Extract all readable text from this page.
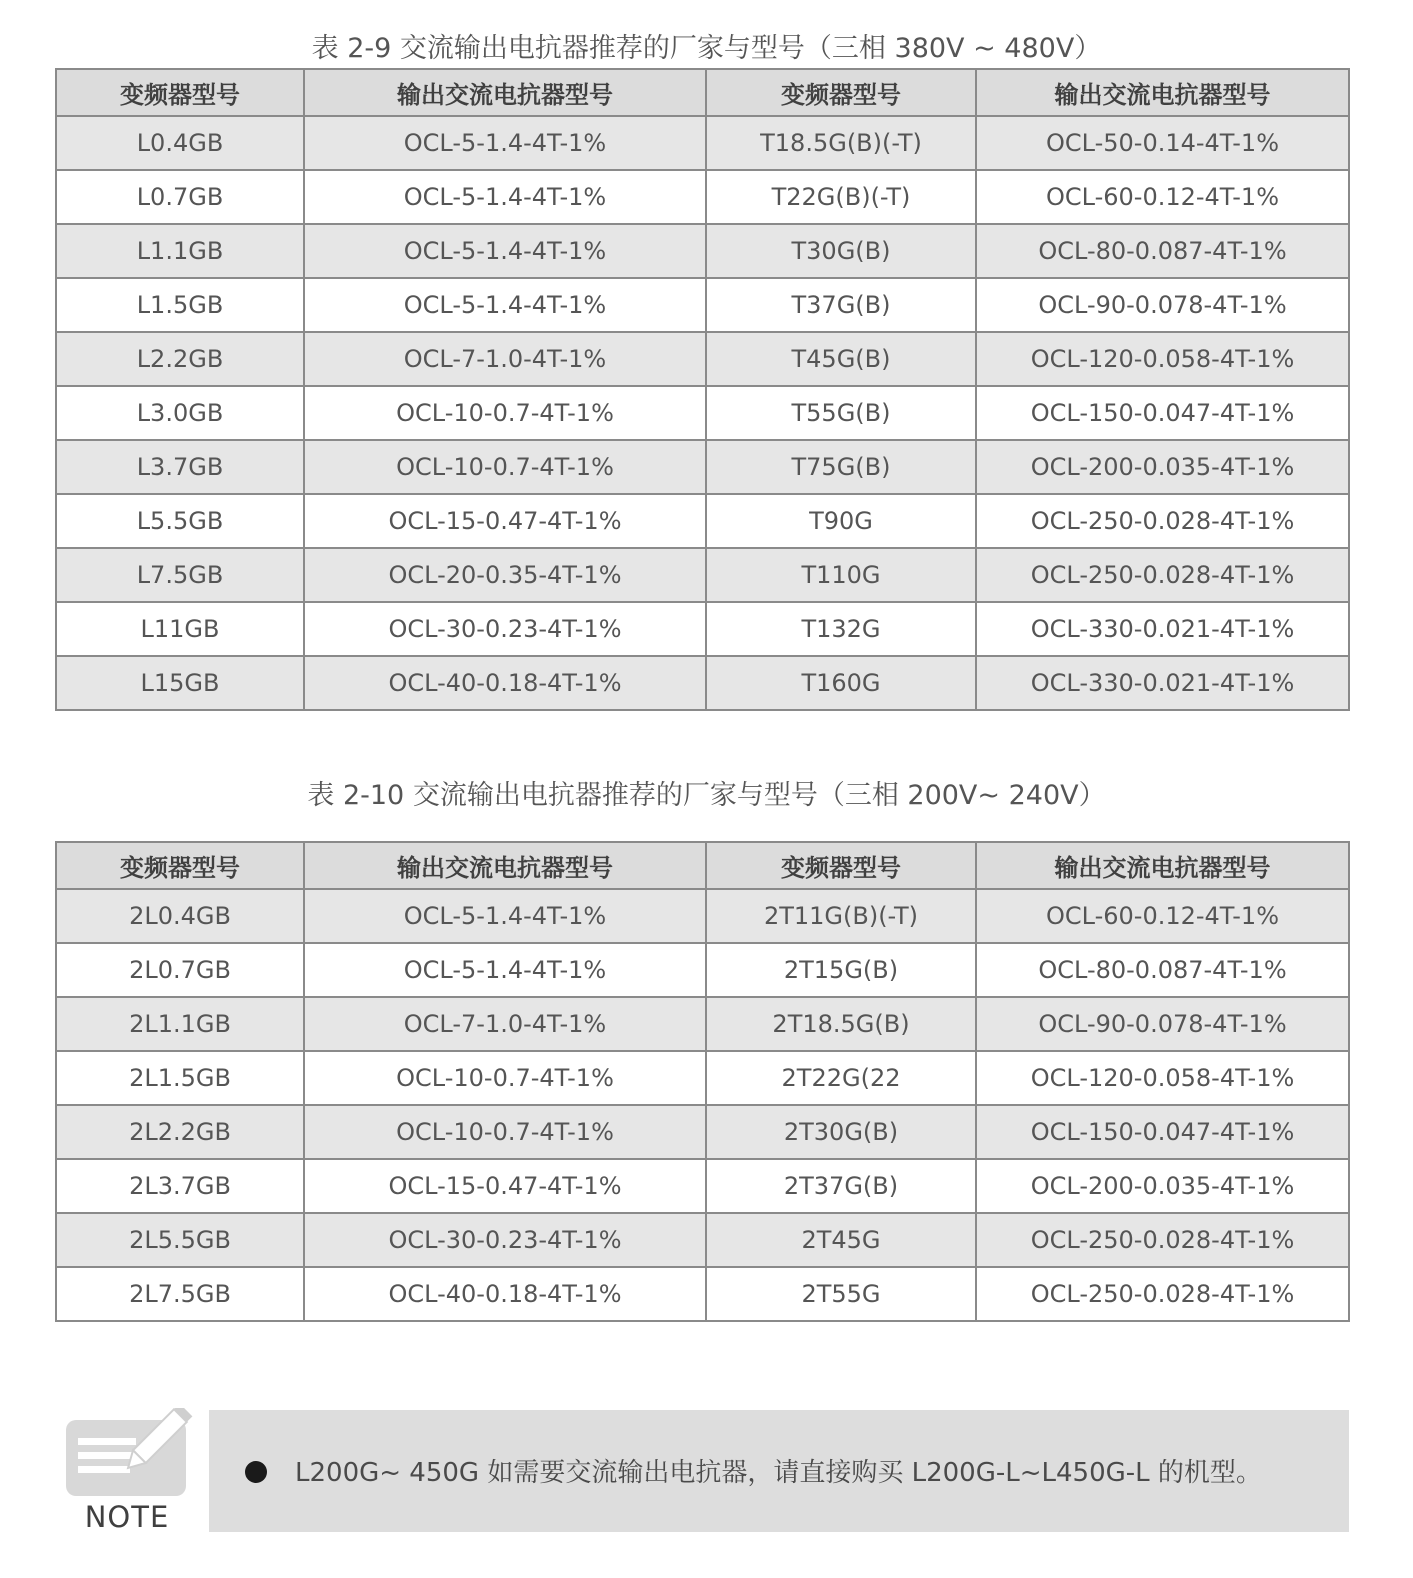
表 2-9 交流输出电抗器推荐的厂家与型号（三相 380V ~ 480V）
变频器型号	输出交流电抗器型号	变频器型号	输出交流电抗器型号
L0.4GB	OCL-5-1.4-4T-1%	T18.5G(B)(-T)	OCL-50-0.14-4T-1%
L0.7GB	OCL-5-1.4-4T-1%	T22G(B)(-T)	OCL-60-0.12-4T-1%
L1.1GB	OCL-5-1.4-4T-1%	T30G(B)	OCL-80-0.087-4T-1%
L1.5GB	OCL-5-1.4-4T-1%	T37G(B)	OCL-90-0.078-4T-1%
L2.2GB	OCL-7-1.0-4T-1%	T45G(B)	OCL-120-0.058-4T-1%
L3.0GB	OCL-10-0.7-4T-1%	T55G(B)	OCL-150-0.047-4T-1%
L3.7GB	OCL-10-0.7-4T-1%	T75G(B)	OCL-200-0.035-4T-1%
L5.5GB	OCL-15-0.47-4T-1%	T90G	OCL-250-0.028-4T-1%
L7.5GB	OCL-20-0.35-4T-1%	T110G	OCL-250-0.028-4T-1%
L11GB	OCL-30-0.23-4T-1%	T132G	OCL-330-0.021-4T-1%
L15GB	OCL-40-0.18-4T-1%	T160G	OCL-330-0.021-4T-1%
表 2-10 交流输出电抗器推荐的厂家与型号（三相 200V~ 240V）
变频器型号	输出交流电抗器型号	变频器型号	输出交流电抗器型号
2L0.4GB	OCL-5-1.4-4T-1%	2T11G(B)(-T)	OCL-60-0.12-4T-1%
2L0.7GB	OCL-5-1.4-4T-1%	2T15G(B)	OCL-80-0.087-4T-1%
2L1.1GB	OCL-7-1.0-4T-1%	2T18.5G(B)	OCL-90-0.078-4T-1%
2L1.5GB	OCL-10-0.7-4T-1%	2T22G(22	OCL-120-0.058-4T-1%
2L2.2GB	OCL-10-0.7-4T-1%	2T30G(B)	OCL-150-0.047-4T-1%
2L3.7GB	OCL-15-0.47-4T-1%	2T37G(B)	OCL-200-0.035-4T-1%
2L5.5GB	OCL-30-0.23-4T-1%	2T45G	OCL-250-0.028-4T-1%
2L7.5GB	OCL-40-0.18-4T-1%	2T55G	OCL-250-0.028-4T-1%
NOTE
L200G~ 450G 如需要交流输出电抗器，请直接购买 L200G-L~L450G-L 的机型。
